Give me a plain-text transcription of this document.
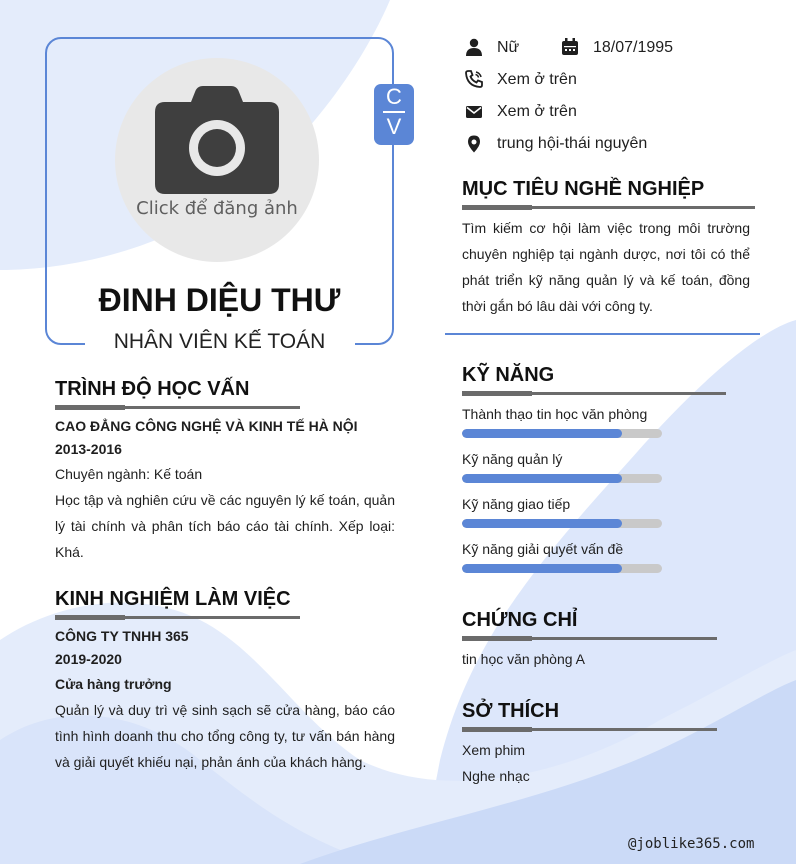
Click để đăng ảnh
C
V
ĐINH DIỆU THƯ
NHÂN VIÊN KẾ TOÁN
Nữ	18/07/1995
Xem ở trên
Xem ở trên
trung hội-thái nguyên
MỤC TIÊU NGHỀ NGHIỆP
Tìm kiếm cơ hội làm việc trong môi trường chuyên nghiệp tại ngành dược, nơi tôi có thể phát triển kỹ năng quản lý và kế toán, đồng thời gắn bó lâu dài với công ty.
TRÌNH ĐỘ HỌC VẤN
CAO ĐẲNG CÔNG NGHỆ VÀ KINH TẾ HÀ NỘI
2013-2016
Chuyên ngành: Kế toán
Học tập và nghiên cứu về các nguyên lý kế toán, quản lý tài chính và phân tích báo cáo tài chính. Xếp loại: Khá.
KINH NGHIỆM LÀM VIỆC
CÔNG TY TNHH 365
2019-2020
Cửa hàng trưởng
Quản lý và duy trì vệ sinh sạch sẽ cửa hàng, báo cáo tình hình doanh thu cho tổng công ty, tư vấn bán hàng và giải quyết khiếu nại, phản ánh của khách hàng.
KỸ NĂNG
Thành thạo tin học văn phòng
Kỹ năng quản lý
Kỹ năng giao tiếp
Kỹ năng giải quyết vấn đề
CHỨNG CHỈ
tin học văn phòng A
SỞ THÍCH
Xem phim
Nghe nhạc
@joblike365.com
